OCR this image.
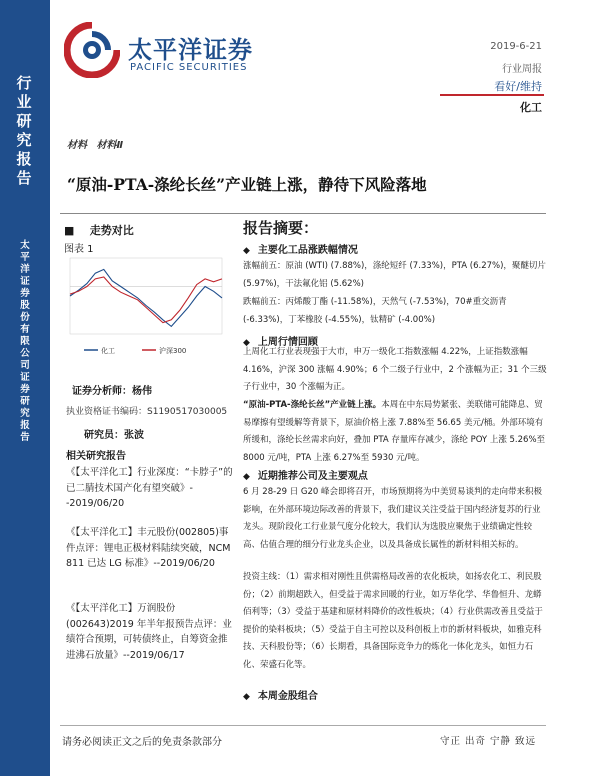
行
业
研
究
报
告
太
平
洋
证
券
股
份
有
限
公
司
证
券
研
究
报
告
太平洋证券
PACIFIC SECURITIES
2019-6-21
行业周报
看好/维持
化工
材料 材料Ⅱ
“原油-PTA-涤纶长丝”产业链上涨，静待下风险落地
■ 走势对比
图表 1
化工	沪深300
证券分析师：杨伟
执业资格证书编码：S1190517030005
研究员：张波
相关研究报告
《【太平洋化工】行业深度：“卡脖子”的已二腈技术国产化有望突破》--2019/06/20
《【太平洋化工】丰元股份(002805)事件点评：锂电正极材料陆续突破，NCM 811 已达 LG 标准》--2019/06/20
《【太平洋化工】万润股份(002643)2019 年半年报预告点评：业绩符合预期，可转债终止，自筹资金推进沸石放量》--2019/06/17
报告摘要：
◆ 主要化工品涨跌幅情况
涨幅前五：原油 (WTI) (7.88%)，涤纶短纤 (7.33%)，PTA (6.27%)，聚醚切片 (5.97%)，干法氟化铝 (5.62%)
跌幅前五：丙烯酸丁酯 (-11.58%)，天然气 (-7.53%)，70#重交沥青 (-6.33%)，丁苯橡胶 (-4.55%)，钛精矿 (-4.00%)
◆ 上周行情回顾
上周化工行业表现强于大市，申万一级化工指数涨幅 4.22%，上证指数涨幅 4.16%，沪深 300 涨幅 4.90%；6 个二级子行业中，2 个涨幅为正；31 个三级子行业中，30 个涨幅为正。
“原油-PTA-涤纶长丝”产业链上涨。本周在中东局势紧张、美联储可能降息、贸易摩擦有望缓解等背景下，原油价格上涨 7.88%至 56.65 美元/桶。外部环境有所缓和，涤纶长丝需求向好，叠加 PTA 存量库存减少，涤纶 POY 上涨 5.26%至 8000 元/吨，PTA 上涨 6.27%至 5930 元/吨。
◆ 近期推荐公司及主要观点
6 月 28-29 日 G20 峰会即将召开，市场预期将为中美贸易谈判的走向带来积极影响，在外部环境边际改善的背景下，我们建议关注受益于国内经济复苏的行业龙头。现阶段化工行业景气度分化较大，我们认为选股应聚焦于业绩确定性较高、估值合理的细分行业龙头企业，以及具备成长属性的新材料相关标的。
投资主线：（1）需求相对刚性且供需格局改善的农化板块，如扬农化工、利民股份；（2）前期超跌入，但受益于需求回暖的行业，如万华化学、华鲁恒升、龙蟒佰利等；（3）受益于基建和原材料降价的改性板块；（4）行业供需改善且受益于提价的染料板块；（5）受益于自主可控以及科创板上市的新材料板块，如雅克科技、天科股份等；（6）长期看，具备国际竞争力的炼化一体化龙头，如恒力石化、荣盛石化等。
◆ 本周金股组合
请务必阅读正文之后的免责条款部分	守正 出奇 宁静 致远
